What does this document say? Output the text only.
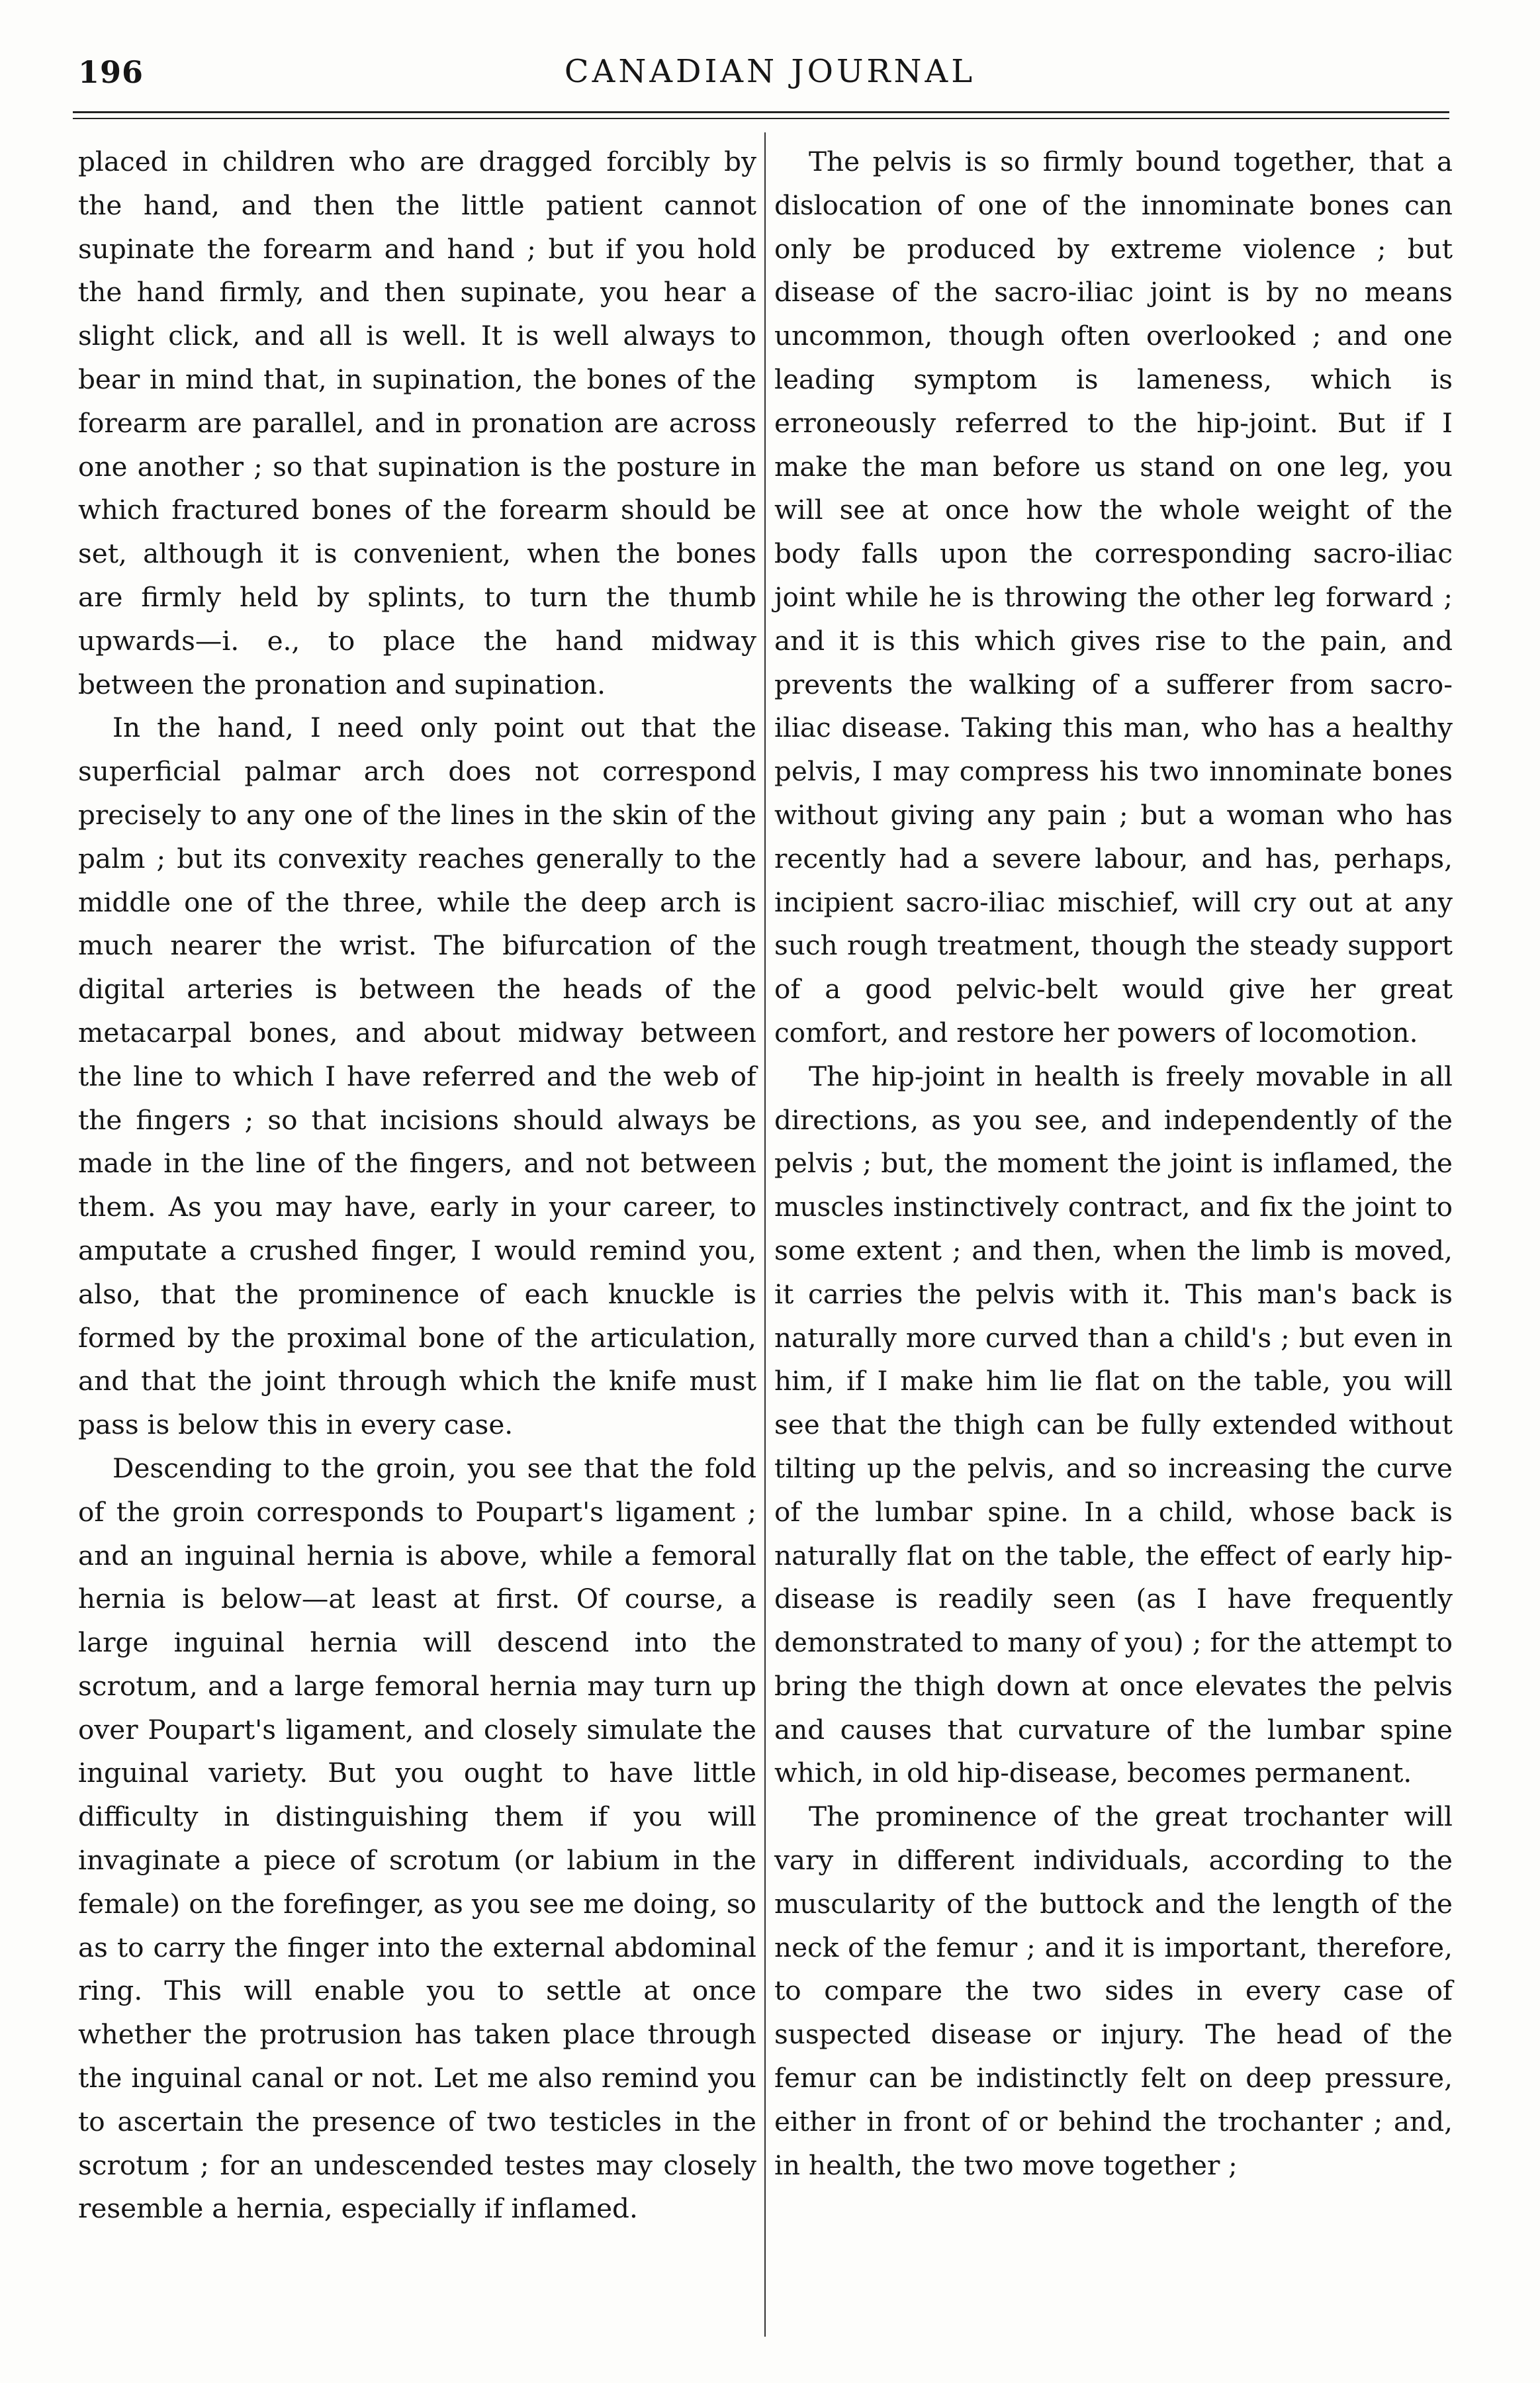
196	CANADIAN JOURNAL

placed in children who are dragged forcibly by the hand, and then the little patient cannot supinate the forearm and hand ; but if you hold the hand firmly, and then supinate, you hear a slight click, and all is well. It is well always to bear in mind that, in supination, the bones of the forearm are parallel, and in pronation are across one another ; so that supination is the posture in which fractured bones of the forearm should be set, although it is convenient, when the bones are firmly held by splints, to turn the thumb upwards—i. e., to place the hand midway between the pronation and supination.

In the hand, I need only point out that the superficial palmar arch does not correspond precisely to any one of the lines in the skin of the palm ; but its convexity reaches generally to the middle one of the three, while the deep arch is much nearer the wrist. The bifurcation of the digital arteries is between the heads of the metacarpal bones, and about midway between the line to which I have referred and the web of the fingers ; so that incisions should always be made in the line of the fingers, and not between them. As you may have, early in your career, to amputate a crushed finger, I would remind you, also, that the prominence of each knuckle is formed by the proximal bone of the articulation, and that the joint through which the knife must pass is below this in every case.

Descending to the groin, you see that the fold of the groin corresponds to Poupart's ligament ; and an inguinal hernia is above, while a femoral hernia is below—at least at first. Of course, a large inguinal hernia will descend into the scrotum, and a large femoral hernia may turn up over Poupart's ligament, and closely simulate the inguinal variety. But you ought to have little difficulty in distinguishing them if you will invaginate a piece of scrotum (or labium in the female) on the forefinger, as you see me doing, so as to carry the finger into the external abdominal ring. This will enable you to settle at once whether the protrusion has taken place through the inguinal canal or not. Let me also remind you to ascertain the presence of two testicles in the scrotum ; for an undescended testes may closely resemble a hernia, especially if inflamed.

The pelvis is so firmly bound together, that a dislocation of one of the innominate bones can only be produced by extreme violence ; but disease of the sacro-iliac joint is by no means uncommon, though often overlooked ; and one leading symptom is lameness, which is erroneously referred to the hip-joint. But if I make the man before us stand on one leg, you will see at once how the whole weight of the body falls upon the corresponding sacro-iliac joint while he is throwing the other leg forward ; and it is this which gives rise to the pain, and prevents the walking of a sufferer from sacro-iliac disease. Taking this man, who has a healthy pelvis, I may compress his two innominate bones without giving any pain ; but a woman who has recently had a severe labour, and has, perhaps, incipient sacro-iliac mischief, will cry out at any such rough treatment, though the steady support of a good pelvic-belt would give her great comfort, and restore her powers of locomotion.

The hip-joint in health is freely movable in all directions, as you see, and independently of the pelvis ; but, the moment the joint is inflamed, the muscles instinctively contract, and fix the joint to some extent ; and then, when the limb is moved, it carries the pelvis with it. This man's back is naturally more curved than a child's ; but even in him, if I make him lie flat on the table, you will see that the thigh can be fully extended without tilting up the pelvis, and so increasing the curve of the lumbar spine. In a child, whose back is naturally flat on the table, the effect of early hip-disease is readily seen (as I have frequently demonstrated to many of you) ; for the attempt to bring the thigh down at once elevates the pelvis and causes that curvature of the lumbar spine which, in old hip-disease, becomes permanent.

The prominence of the great trochanter will vary in different individuals, according to the muscularity of the buttock and the length of the neck of the femur ; and it is important, therefore, to compare the two sides in every case of suspected disease or injury. The head of the femur can be indistinctly felt on deep pressure, either in front of or behind the trochanter ; and, in health, the two move together ;
